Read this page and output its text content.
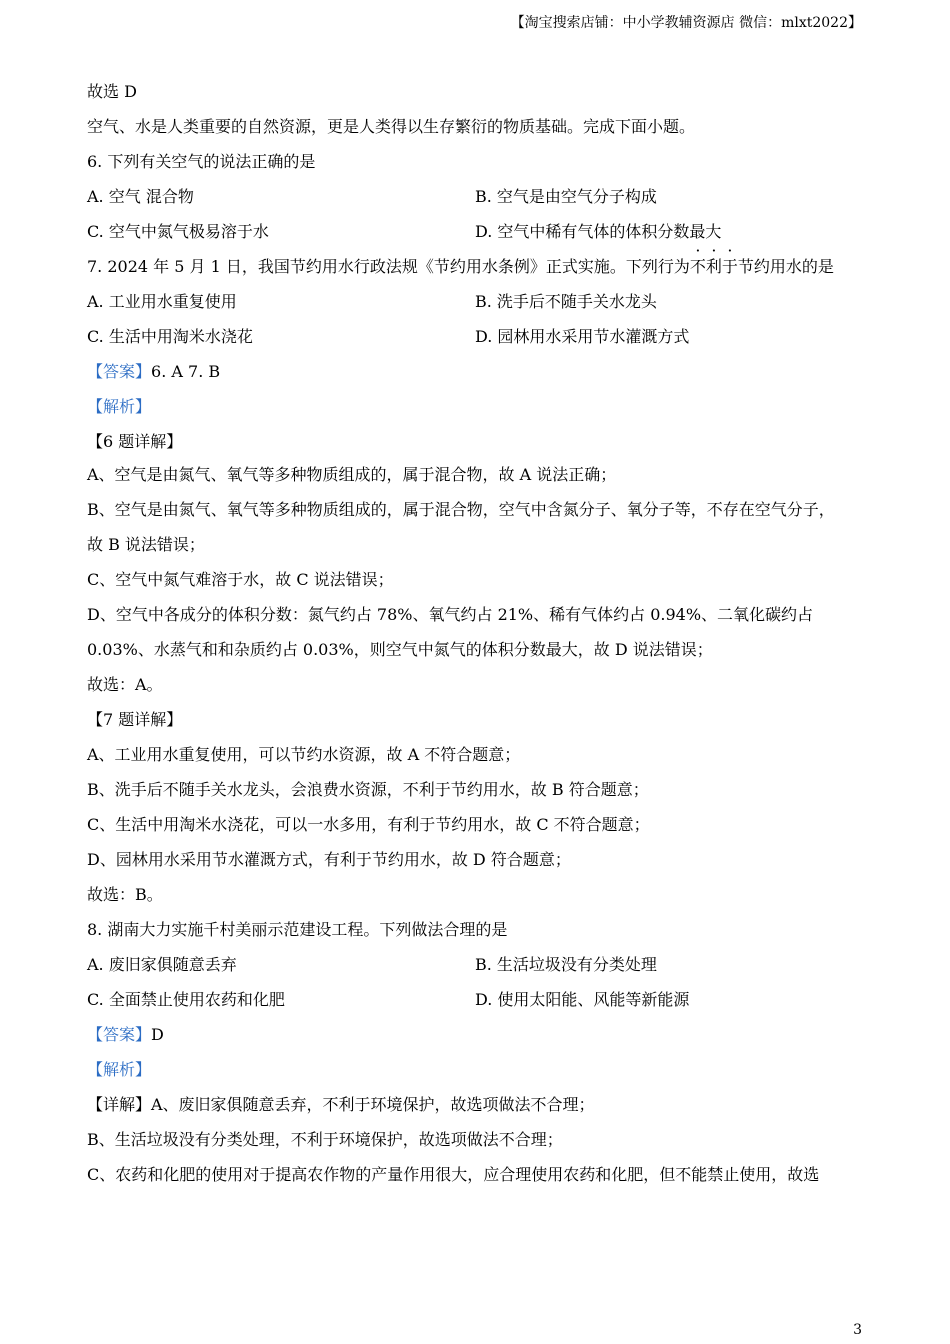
【淘宝搜索店铺：中小学教辅资源店 微信：mlxt2022】
故选 D
空气、水是人类重要的自然资源，更是人类得以生存繁衍的物质基础。完成下面小题。
6. 下列有关空气的说法正确的是
A. 空气 混合物	B. 空气是由空气分子构成
C. 空气中氮气极易溶于水	D. 空气中稀有气体的体积分数最大
7. 2024 年 5 月 1 日，我国节约用水行政法规《节约用水条例》正式实施。下列行为不利于节约用水的是
A. 工业用水重复使用	B. 洗手后不随手关水龙头
C. 生活中用淘米水浇花	D. 园林用水采用节水灌溉方式
【答案】6. A 7. B
【解析】
【6 题详解】
A、空气是由氮气、氧气等多种物质组成的，属于混合物，故 A 说法正确；
B、空气是由氮气、氧气等多种物质组成的，属于混合物，空气中含氮分子、氧分子等，不存在空气分子，
故 B 说法错误；
C、空气中氮气难溶于水，故 C 说法错误；
D、空气中各成分的体积分数：氮气约占 78%、氧气约占 21%、稀有气体约占 0.94%、二氧化碳约占
0.03%、水蒸气和和杂质约占 0.03%，则空气中氮气的体积分数最大，故 D 说法错误；
故选：A。
【7 题详解】
A、工业用水重复使用，可以节约水资源，故 A 不符合题意；
B、洗手后不随手关水龙头，会浪费水资源，不利于节约用水，故 B 符合题意；
C、生活中用淘米水浇花，可以一水多用，有利于节约用水，故 C 不符合题意；
D、园林用水采用节水灌溉方式，有利于节约用水，故 D 符合题意；
故选：B。
8. 湖南大力实施千村美丽示范建设工程。下列做法合理的是
A. 废旧家俱随意丢弃	B. 生活垃圾没有分类处理
C. 全面禁止使用农药和化肥	D. 使用太阳能、风能等新能源
【答案】D
【解析】
【详解】A、废旧家俱随意丢弃，不利于环境保护，故选项做法不合理；
B、生活垃圾没有分类处理，不利于环境保护，故选项做法不合理；
C、农药和化肥的使用对于提高农作物的产量作用很大，应合理使用农药和化肥，但不能禁止使用，故选
3
